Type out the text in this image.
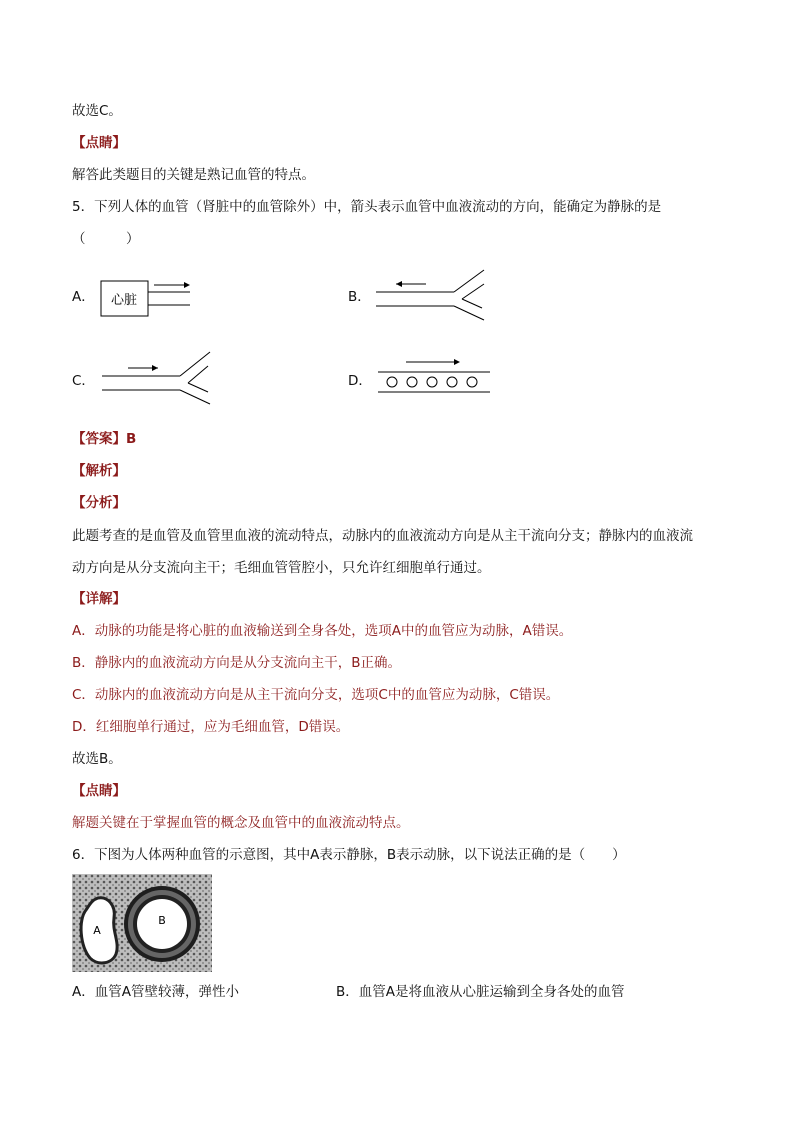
故选C。
【点睛】
解答此类题目的关键是熟记血管的特点。
5．下列人体的血管（肾脏中的血管除外）中，箭头表示血管中血液流动的方向，能确定为静脉的是
（　　　）
A． 心脏	B．
C．	D．
【答案】B
【解析】
【分析】
此题考查的是血管及血管里血液的流动特点，动脉内的血液流动方向是从主干流向分支；静脉内的血液流
动方向是从分支流向主干；毛细血管管腔小，只允许红细胞单行通过。
【详解】
A．动脉的功能是将心脏的血液输送到全身各处，选项A中的血管应为动脉，A错误。
B．静脉内的血液流动方向是从分支流向主干，B正确。
C．动脉内的血液流动方向是从主干流向分支，选项C中的血管应为动脉，C错误。
D．红细胞单行通过，应为毛细血管，D错误。
故选B。
【点睛】
解题关键在于掌握血管的概念及血管中的血液流动特点。
6．下图为人体两种血管的示意图，其中A表示静脉，B表示动脉，以下说法正确的是（　　）
A
B
A．血管A管壁较薄，弹性小	B．血管A是将血液从心脏运输到全身各处的血管
